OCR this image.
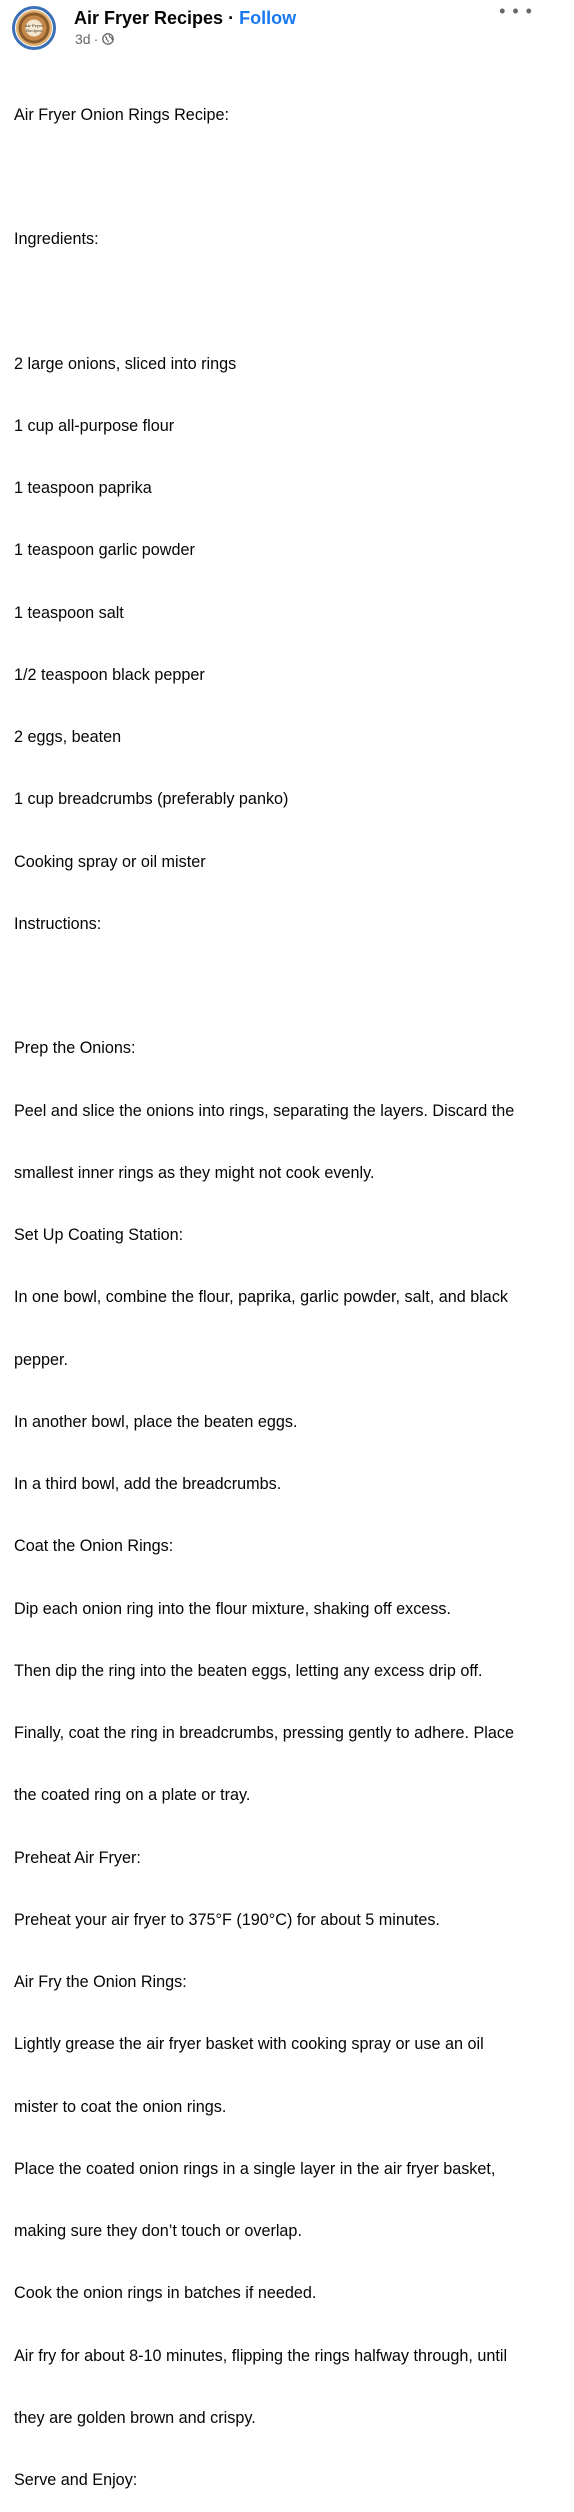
Air Fryer Recipes
Air Fryer Recipes · Follow
3d ·
• • •

Air Fryer Onion Rings Recipe:

Ingredients:

2 large onions, sliced into rings

1 cup all-purpose flour

1 teaspoon paprika

1 teaspoon garlic powder

1 teaspoon salt

1/2 teaspoon black pepper

2 eggs, beaten

1 cup breadcrumbs (preferably panko)

Cooking spray or oil mister

Instructions:

Prep the Onions:

Peel and slice the onions into rings, separating the layers. Discard the

smallest inner rings as they might not cook evenly.

Set Up Coating Station:

In one bowl, combine the flour, paprika, garlic powder, salt, and black

pepper.

In another bowl, place the beaten eggs.

In a third bowl, add the breadcrumbs.

Coat the Onion Rings:

Dip each onion ring into the flour mixture, shaking off excess.

Then dip the ring into the beaten eggs, letting any excess drip off.

Finally, coat the ring in breadcrumbs, pressing gently to adhere. Place

the coated ring on a plate or tray.

Preheat Air Fryer:

Preheat your air fryer to 375°F (190°C) for about 5 minutes.

Air Fry the Onion Rings:

Lightly grease the air fryer basket with cooking spray or use an oil

mister to coat the onion rings.

Place the coated onion rings in a single layer in the air fryer basket,

making sure they don’t touch or overlap.

Cook the onion rings in batches if needed.

Air fry for about 8-10 minutes, flipping the rings halfway through, until

they are golden brown and crispy.

Serve and Enjoy:
